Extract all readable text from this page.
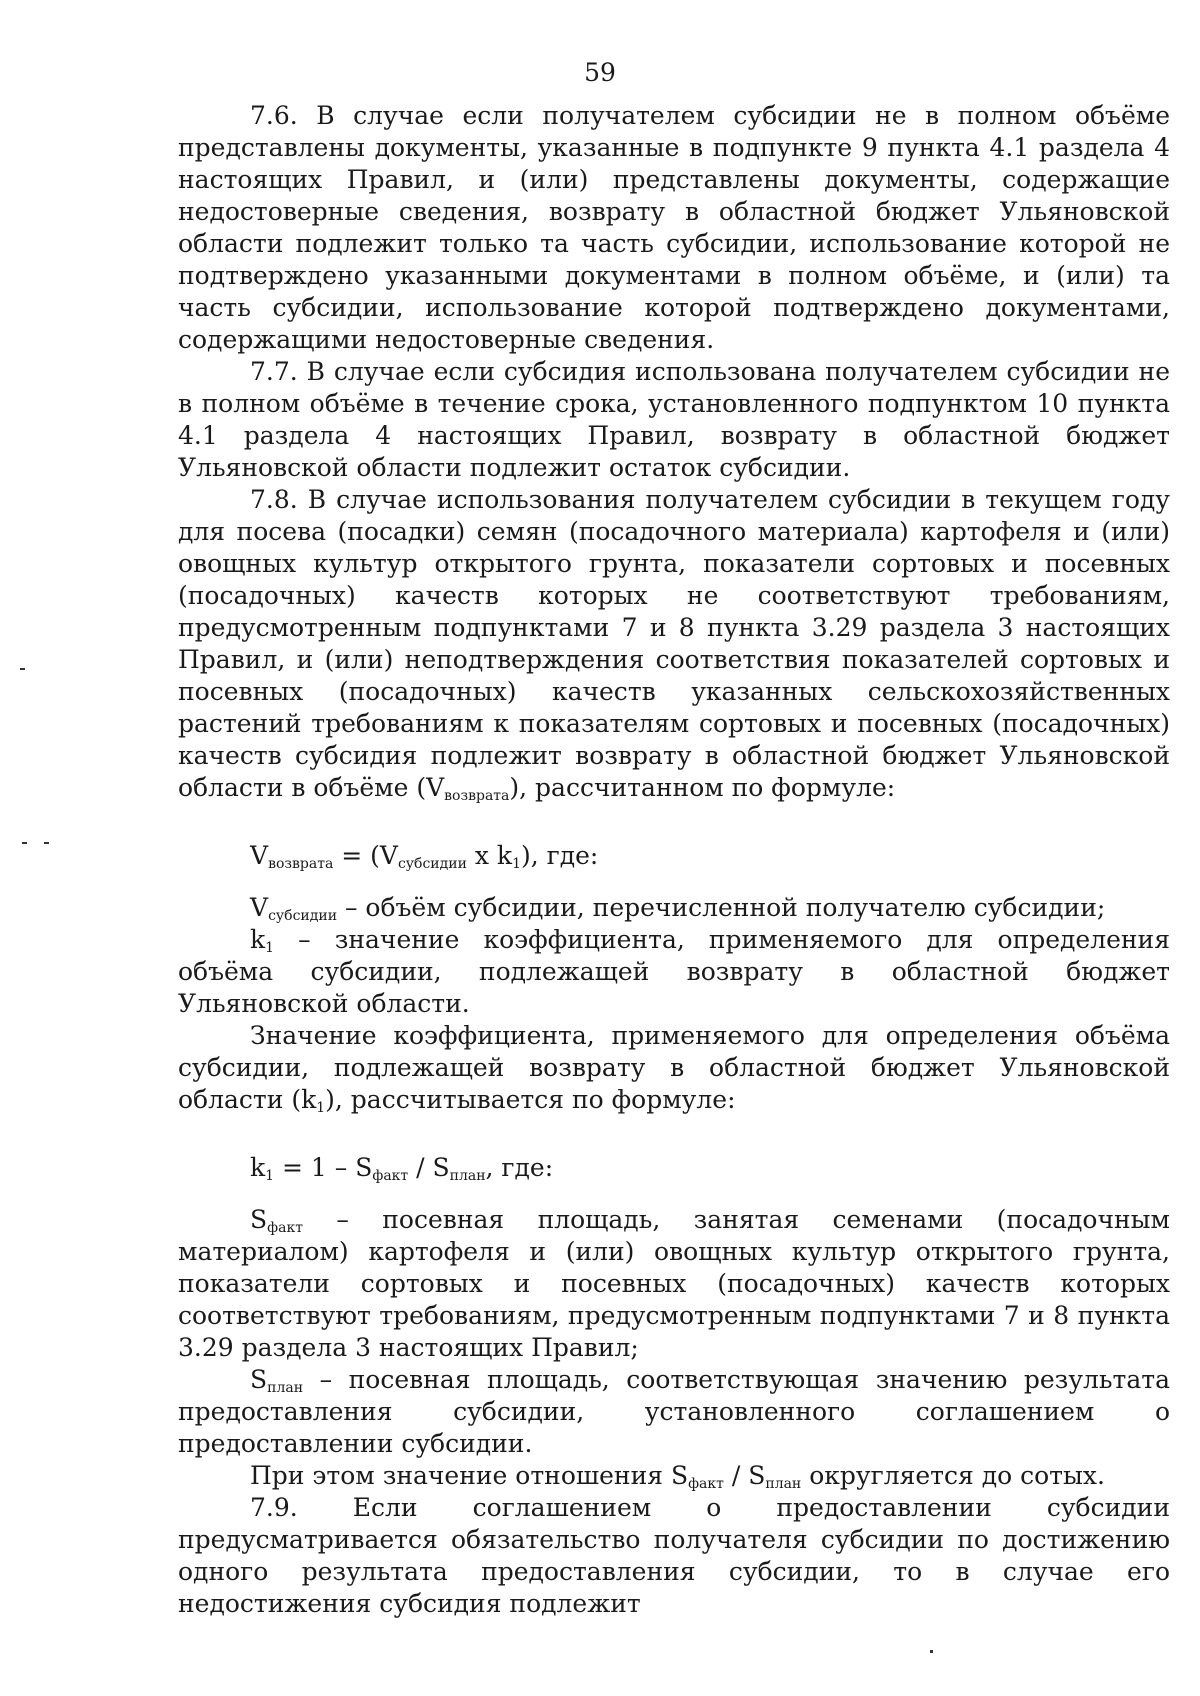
59

7.6. В случае если получателем субсидии не в полном объёме представлены документы, указанные в подпункте 9 пункта 4.1 раздела 4 настоящих Правил, и (или) представлены документы, содержащие недостоверные сведения, возврату в областной бюджет Ульяновской области подлежит только та часть субсидии, использование которой не подтверждено указанными документами в полном объёме, и (или) та часть субсидии, использование которой подтверждено документами, содержащими недостоверные сведения.

7.7. В случае если субсидия использована получателем субсидии не в полном объёме в течение срока, установленного подпунктом 10 пункта 4.1 раздела 4 настоящих Правил, возврату в областной бюджет Ульяновской области подлежит остаток субсидии.

7.8. В случае использования получателем субсидии в текущем году для посева (посадки) семян (посадочного материала) картофеля и (или) овощных культур открытого грунта, показатели сортовых и посевных (посадочных) качеств которых не соответствуют требованиям, предусмотренным подпунктами 7 и 8 пункта 3.29 раздела 3 настоящих Правил, и (или) неподтверждения соответствия показателей сортовых и посевных (посадочных) качеств указанных сельскохозяйственных растений требованиям к показателям сортовых и посевных (посадочных) качеств субсидия подлежит возврату в областной бюджет Ульяновской области в объёме $(V_{возврата})$, рассчитанном по формуле:

$V_{возврата} = (V_{субсидии}$ x $k_1$), где:

$V_{субсидии}$ – объём субсидии, перечисленной получателю субсидии;

$k_1$ – значение коэффициента, применяемого для определения объёма субсидии, подлежащей возврату в областной бюджет Ульяновской области.

Значение коэффициента, применяемого для определения объёма субсидии, подлежащей возврату в областной бюджет Ульяновской области $(k_1)$, рассчитывается по формуле:

$k_1 = 1 - S_{факт} / S_{план}$, где:

$S_{факт}$ – посевная площадь, занятая семенами (посадочным материалом) картофеля и (или) овощных культур открытого грунта, показатели сортовых и посевных (посадочных) качеств которых соответствуют требованиям, предусмотренным подпунктами 7 и 8 пункта 3.29 раздела 3 настоящих Правил;

$S_{план}$ – посевная площадь, соответствующая значению результата предоставления субсидии, установленного соглашением о предоставлении субсидии.

При этом значение отношения $S_{факт} / S_{план}$ округляется до сотых.

7.9. Если соглашением о предоставлении субсидии предусматривается обязательство получателя субсидии по достижению одного результата предоставления субсидии, то в случае его недостижения субсидия подлежит
